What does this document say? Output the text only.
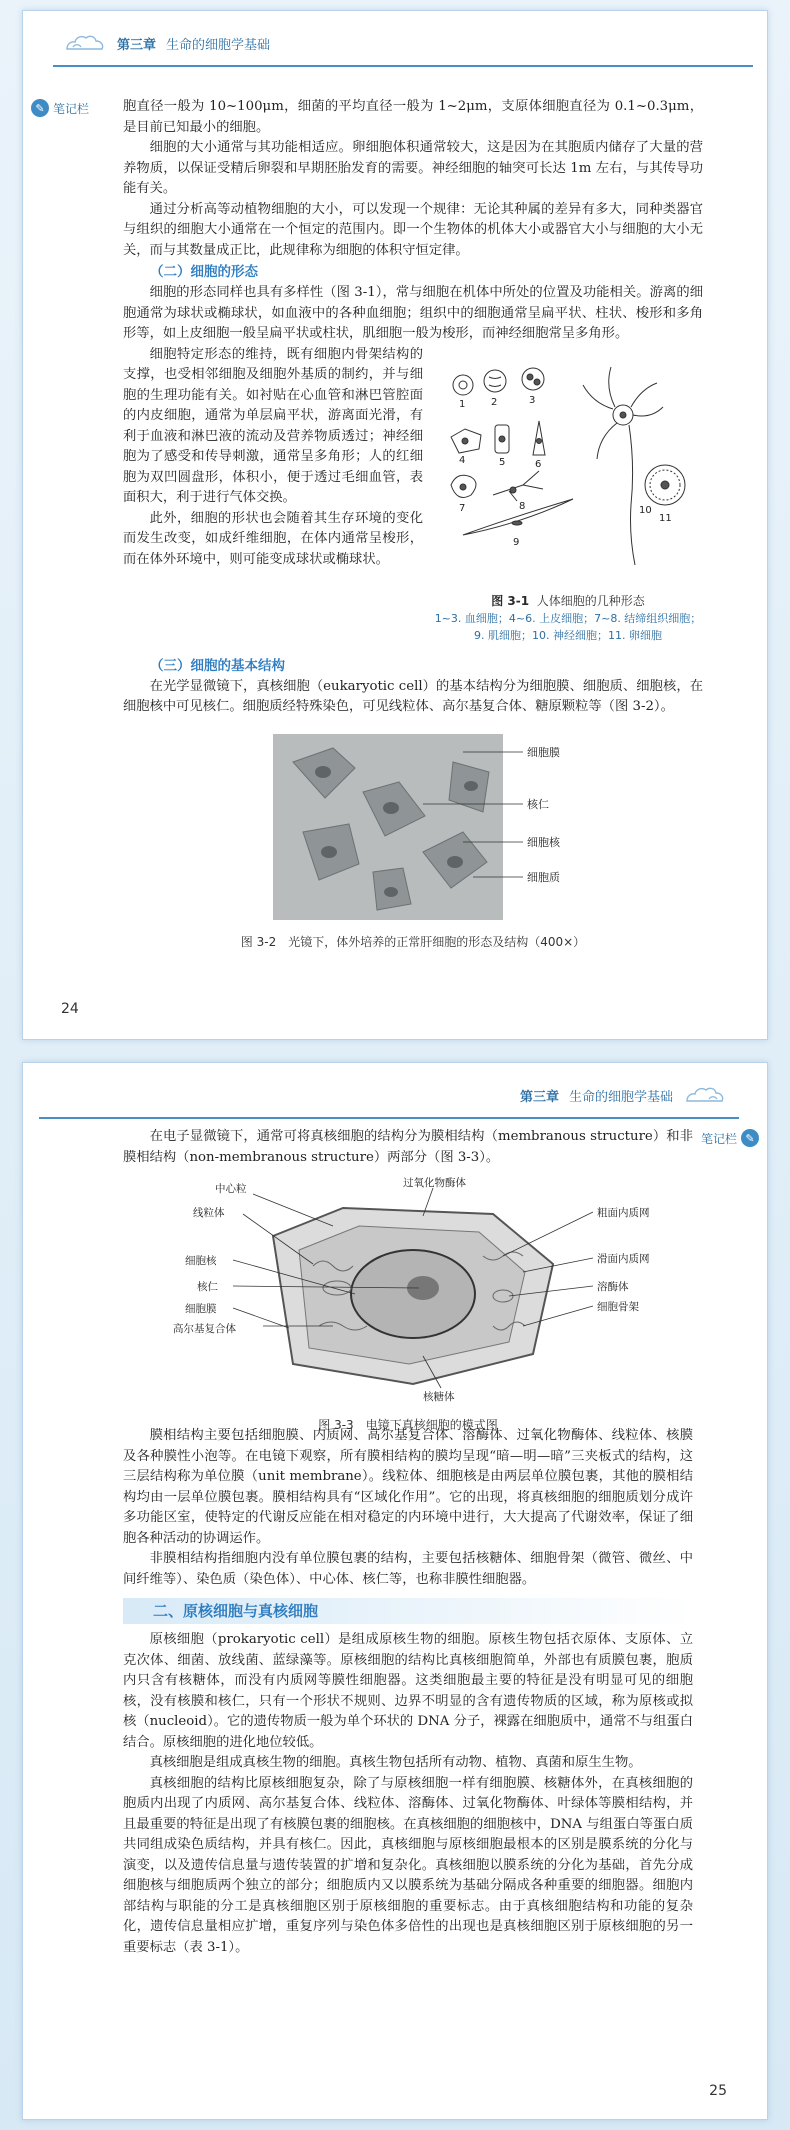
第三章 生命的细胞学基础
✎ 笔记栏	胞直径一般为 10~100μm，细菌的平均直径一般为 1~2μm，支原体细胞直径为 0.1~0.3μm，是目前已知最小的细胞。

细胞的大小通常与其功能相适应。卵细胞体积通常较大，这是因为在其胞质内储存了大量的营养物质，以保证受精后卵裂和早期胚胎发育的需要。神经细胞的轴突可长达 1m 左右，与其传导功能有关。

通过分析高等动植物细胞的大小，可以发现一个规律：无论其种属的差异有多大，同种类器官与组织的细胞大小通常在一个恒定的范围内。即一个生物体的机体大小或器官大小与细胞的大小无关，而与其数量成正比，此规律称为细胞的体积守恒定律。

（二）细胞的形态

细胞的形态同样也具有多样性（图 3-1），常与细胞在机体中所处的位置及功能相关。游离的细胞通常为球状或椭球状，如血液中的各种血细胞；组织中的细胞通常呈扁平状、柱状、梭形和多角形等，如上皮细胞一般呈扁平状或柱状，肌细胞一般为梭形，而神经细胞常呈多角形。

细胞特定形态的维持，既有细胞内骨架结构的支撑，也受相邻细胞及细胞外基质的制约，并与细胞的生理功能有关。如衬贴在心血管和淋巴管腔面的内皮细胞，通常为单层扁平状，游离面光滑，有利于血液和淋巴液的流动及营养物质透过；神经细胞为了感受和传导刺激，通常呈多角形；人的红细胞为双凹圆盘形，体积小，便于透过毛细血管，表面积大，利于进行气体交换。

此外，细胞的形状也会随着其生存环境的变化而发生改变，如成纤维细胞，在体内通常呈梭形，而在体外环境中，则可能变成球状或椭球状。

1	2	3
4	5	6
7	8
9
10
11
图 3-1 人体细胞的几种形态
1~3. 血细胞；4~6. 上皮细胞；7~8. 结缔组织细胞；
9. 肌细胞；10. 神经细胞；11. 卵细胞
（三）细胞的基本结构

在光学显微镜下，真核细胞（eukaryotic cell）的基本结构分为细胞膜、细胞质、细胞核，在细胞核中可见核仁。细胞质经特殊染色，可见线粒体、高尔基复合体、糖原颗粒等（图 3-2）。

细胞膜
核仁
细胞核
细胞质
图 3-2　光镜下，体外培养的正常肝细胞的形态及结构（400×）
24
第三章 生命的细胞学基础
笔记栏 ✎

在电子显微镜下，通常可将真核细胞的结构分为膜相结构（membranous structure）和非膜相结构（non-membranous structure）两部分（图 3-3）。

中心粒
线粒体
细胞核
核仁
细胞膜
高尔基复合体
过氧化物酶体
粗面内质网
滑面内质网
溶酶体
细胞骨架
核糖体
图 3-3　电镜下真核细胞的模式图

膜相结构主要包括细胞膜、内质网、高尔基复合体、溶酶体、过氧化物酶体、线粒体、核膜及各种膜性小泡等。在电镜下观察，所有膜相结构的膜均呈现“暗—明—暗”三夹板式的结构，这三层结构称为单位膜（unit membrane）。线粒体、细胞核是由两层单位膜包裹，其他的膜相结构均由一层单位膜包裹。膜相结构具有“区域化作用”。它的出现，将真核细胞的细胞质划分成许多功能区室，使特定的代谢反应能在相对稳定的内环境中进行，大大提高了代谢效率，保证了细胞各种活动的协调运作。

非膜相结构指细胞内没有单位膜包裹的结构，主要包括核糖体、细胞骨架（微管、微丝、中间纤维等）、染色质（染色体）、中心体、核仁等，也称非膜性细胞器。

二、原核细胞与真核细胞

原核细胞（prokaryotic cell）是组成原核生物的细胞。原核生物包括衣原体、支原体、立克次体、细菌、放线菌、蓝绿藻等。原核细胞的结构比真核细胞简单，外部也有质膜包裹，胞质内只含有核糖体，而没有内质网等膜性细胞器。这类细胞最主要的特征是没有明显可见的细胞核，没有核膜和核仁，只有一个形状不规则、边界不明显的含有遗传物质的区域，称为原核或拟核（nucleoid）。它的遗传物质一般为单个环状的 DNA 分子，裸露在细胞质中，通常不与组蛋白结合。原核细胞的进化地位较低。

真核细胞是组成真核生物的细胞。真核生物包括所有动物、植物、真菌和原生生物。

真核细胞的结构比原核细胞复杂，除了与原核细胞一样有细胞膜、核糖体外，在真核细胞的胞质内出现了内质网、高尔基复合体、线粒体、溶酶体、过氧化物酶体、叶绿体等膜相结构，并且最重要的特征是出现了有核膜包裹的细胞核。在真核细胞的细胞核中，DNA 与组蛋白等蛋白质共同组成染色质结构，并具有核仁。因此，真核细胞与原核细胞最根本的区别是膜系统的分化与演变，以及遗传信息量与遗传装置的扩增和复杂化。真核细胞以膜系统的分化为基础，首先分成细胞核与细胞质两个独立的部分；细胞质内又以膜系统为基础分隔成各种重要的细胞器。细胞内部结构与职能的分工是真核细胞区别于原核细胞的重要标志。由于真核细胞结构和功能的复杂化，遗传信息量相应扩增，重复序列与染色体多倍性的出现也是真核细胞区别于原核细胞的另一重要标志（表 3-1）。

25
